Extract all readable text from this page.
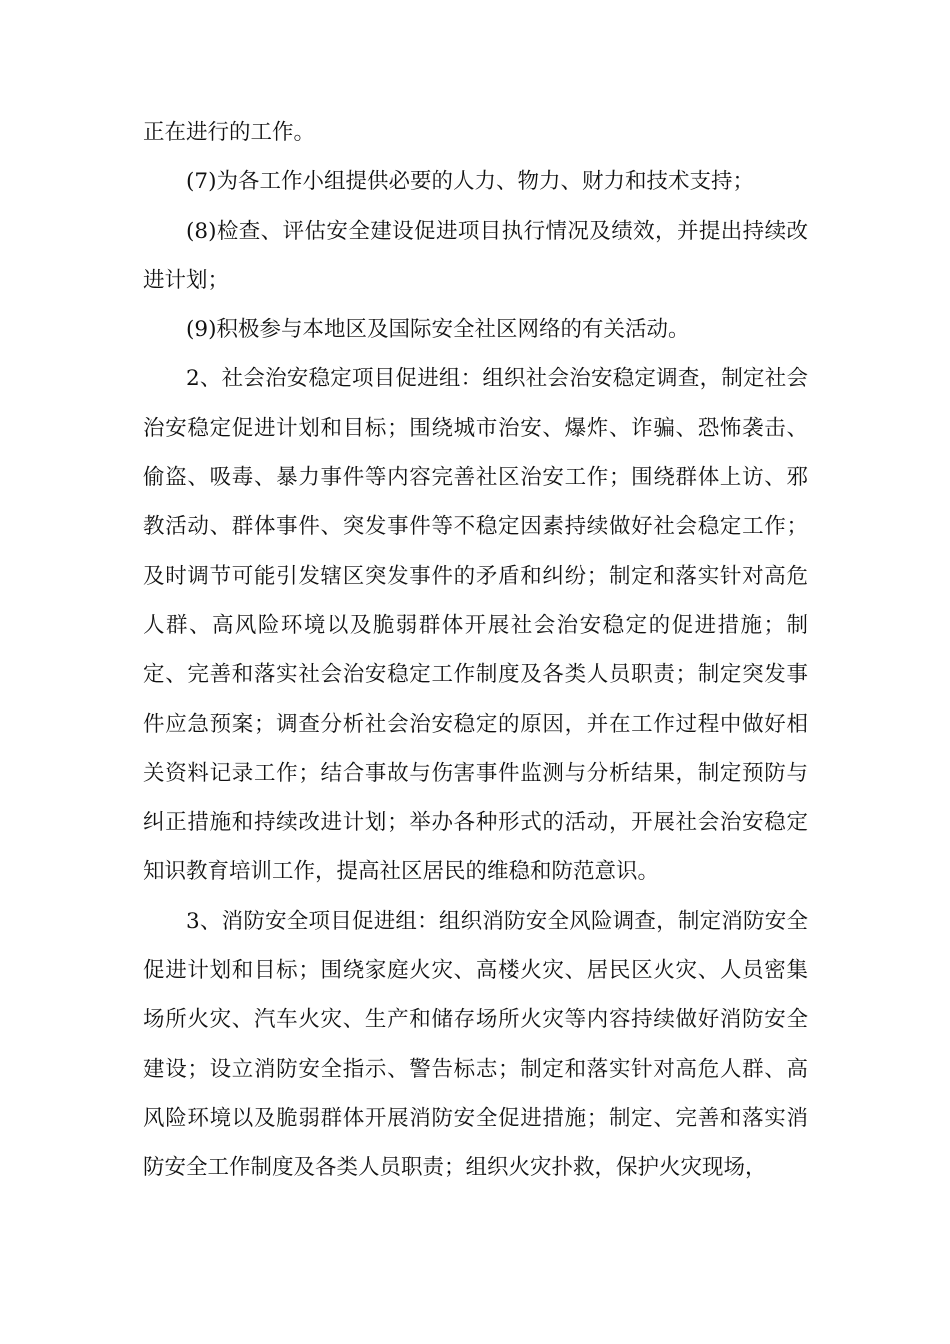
正在进行的工作。

(7)为各工作小组提供必要的人力、物力、财力和技术支持；

(8)检查、评估安全建设促进项目执行情况及绩效，并提出持续改进计划；

(9)积极参与本地区及国际安全社区网络的有关活动。

2、社会治安稳定项目促进组：组织社会治安稳定调查，制定社会治安稳定促进计划和目标；围绕城市治安、爆炸、诈骗、恐怖袭击、偷盗、吸毒、暴力事件等内容完善社区治安工作；围绕群体上访、邪教活动、群体事件、突发事件等不稳定因素持续做好社会稳定工作；及时调节可能引发辖区突发事件的矛盾和纠纷；制定和落实针对高危人群、高风险环境以及脆弱群体开展社会治安稳定的促进措施；制定、完善和落实社会治安稳定工作制度及各类人员职责；制定突发事件应急预案；调查分析社会治安稳定的原因，并在工作过程中做好相关资料记录工作；结合事故与伤害事件监测与分析结果，制定预防与纠正措施和持续改进计划；举办各种形式的活动，开展社会治安稳定知识教育培训工作，提高社区居民的维稳和防范意识。

3、消防安全项目促进组：组织消防安全风险调查，制定消防安全促进计划和目标；围绕家庭火灾、高楼火灾、居民区火灾、人员密集场所火灾、汽车火灾、生产和储存场所火灾等内容持续做好消防安全建设；设立消防安全指示、警告标志；制定和落实针对高危人群、高风险环境以及脆弱群体开展消防安全促进措施；制定、完善和落实消防安全工作制度及各类人员职责；组织火灾扑救，保护火灾现场，
